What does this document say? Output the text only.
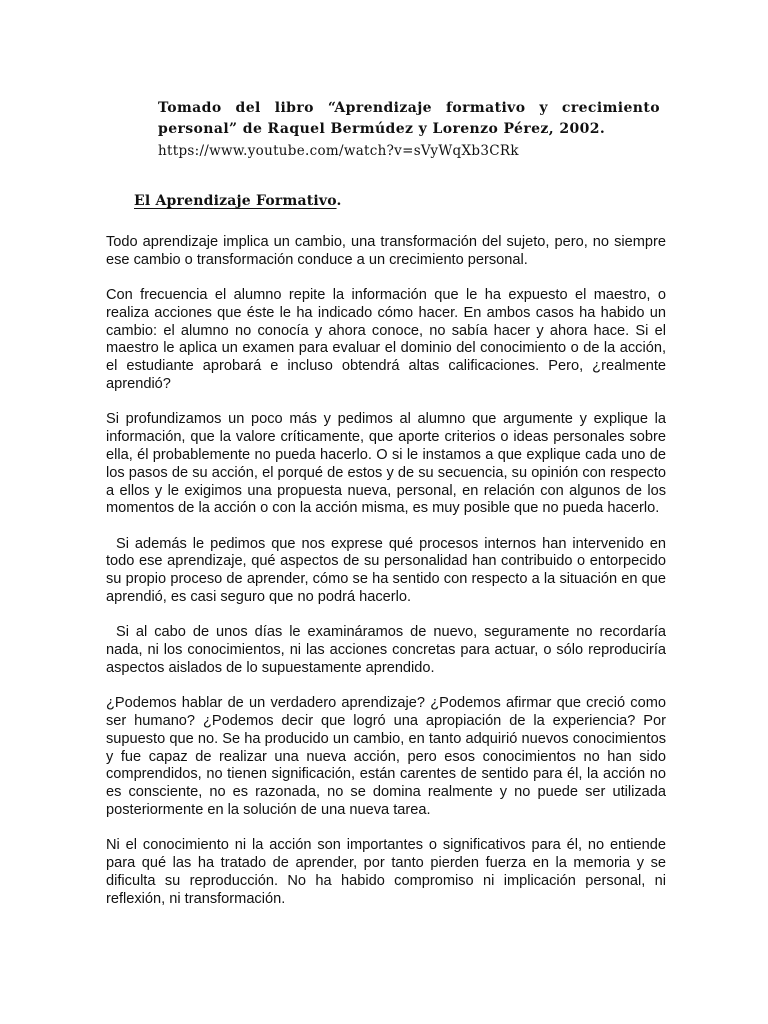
Tomado del libro “Aprendizaje formativo y crecimiento personal” de Raquel Bermúdez y Lorenzo Pérez, 2002.
https://www.youtube.com/watch?v=sVyWqXb3CRk
El Aprendizaje Formativo.

Todo aprendizaje implica un cambio, una transformación del sujeto, pero, no siempre ese cambio o transformación conduce a un crecimiento personal.

Con frecuencia el alumno repite la información que le ha expuesto el maestro, o realiza acciones que éste le ha indicado cómo hacer. En ambos casos ha habido un cambio: el alumno no conocía y ahora conoce, no sabía hacer y ahora hace. Si el maestro le aplica un examen para evaluar el dominio del conocimiento o de la acción, el estudiante aprobará e incluso obtendrá altas calificaciones. Pero, ¿realmente aprendió?

Si profundizamos un poco más y pedimos al alumno que argumente y explique la información, que la valore críticamente, que aporte criterios o ideas personales sobre ella, él probablemente no pueda hacerlo. O si le instamos a que explique cada uno de los pasos de su acción, el porqué de estos y de su secuencia, su opinión con respecto a ellos y le exigimos una propuesta nueva, personal, en relación con algunos de los momentos de la acción o con la acción misma, es muy posible que no pueda hacerlo.

Si además le pedimos que nos exprese qué procesos internos han intervenido en todo ese aprendizaje, qué aspectos de su personalidad han contribuido o entorpecido su propio proceso de aprender, cómo se ha sentido con respecto a la situación en que aprendió, es casi seguro que no podrá hacerlo.

Si al cabo de unos días le examináramos de nuevo, seguramente no recordaría nada, ni los conocimientos, ni las acciones concretas para actuar, o sólo reproduciría aspectos aislados de lo supuestamente aprendido.

¿Podemos hablar de un verdadero aprendizaje? ¿Podemos afirmar que creció como ser humano? ¿Podemos decir que logró una apropiación de la experiencia? Por supuesto que no. Se ha producido un cambio, en tanto adquirió nuevos conocimientos y fue capaz de realizar una nueva acción, pero esos conocimientos no han sido comprendidos, no tienen significación, están carentes de sentido para él, la acción no es consciente, no es razonada, no se domina realmente y no puede ser utilizada posteriormente en la solución de una nueva tarea.

Ni el conocimiento ni la acción son importantes o significativos para él, no entiende para qué las ha tratado de aprender, por tanto pierden fuerza en la memoria y se dificulta su reproducción. No ha habido compromiso ni implicación personal, ni reflexión, ni transformación.
